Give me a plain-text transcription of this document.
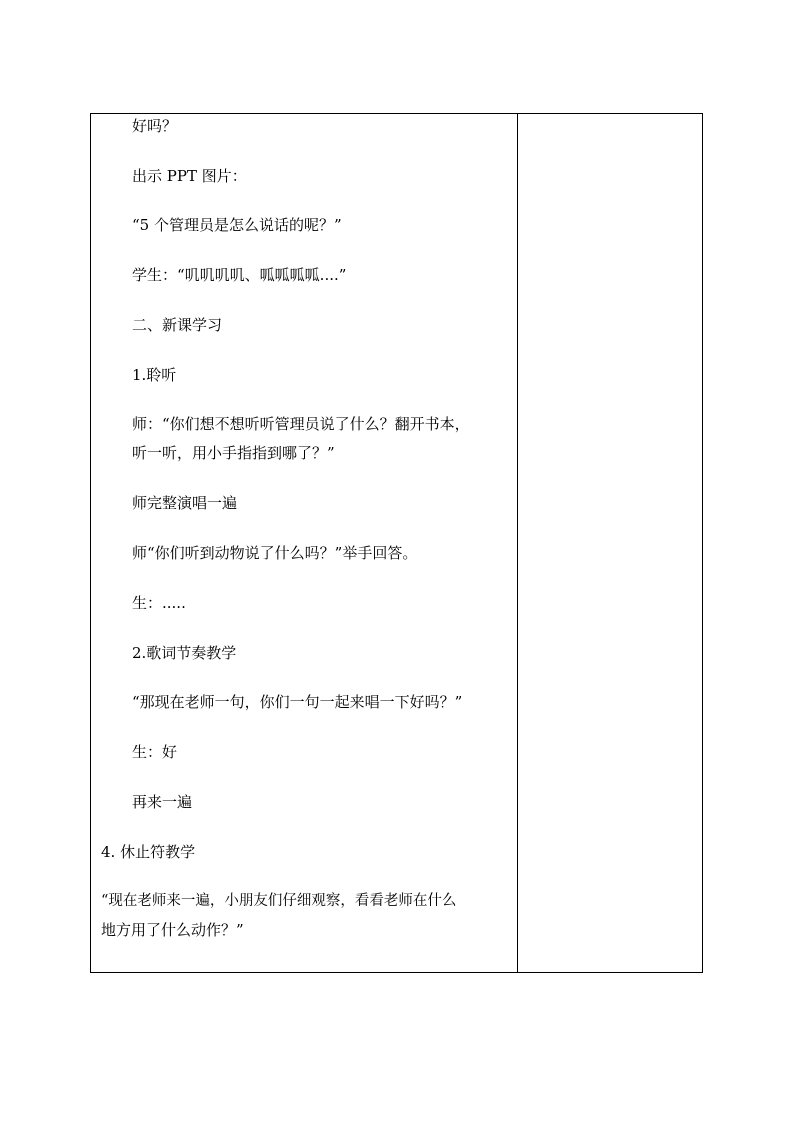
好吗？
出示 PPT 图片：
“5 个管理员是怎么说话的呢？”
学生：“叽叽叽叽、呱呱呱呱....”
二、新课学习
1.聆听
师：“你们想不想听听管理员说了什么？翻开书本，
听一听，用小手指指到哪了？”
师完整演唱一遍
师“你们听到动物说了什么吗？”举手回答。
生：.....
2.歌词节奏教学
“那现在老师一句，你们一句一起来唱一下好吗？”
生：好
再来一遍
4. 休止符教学
“现在老师来一遍，小朋友们仔细观察，看看老师在什么
地方用了什么动作？”
